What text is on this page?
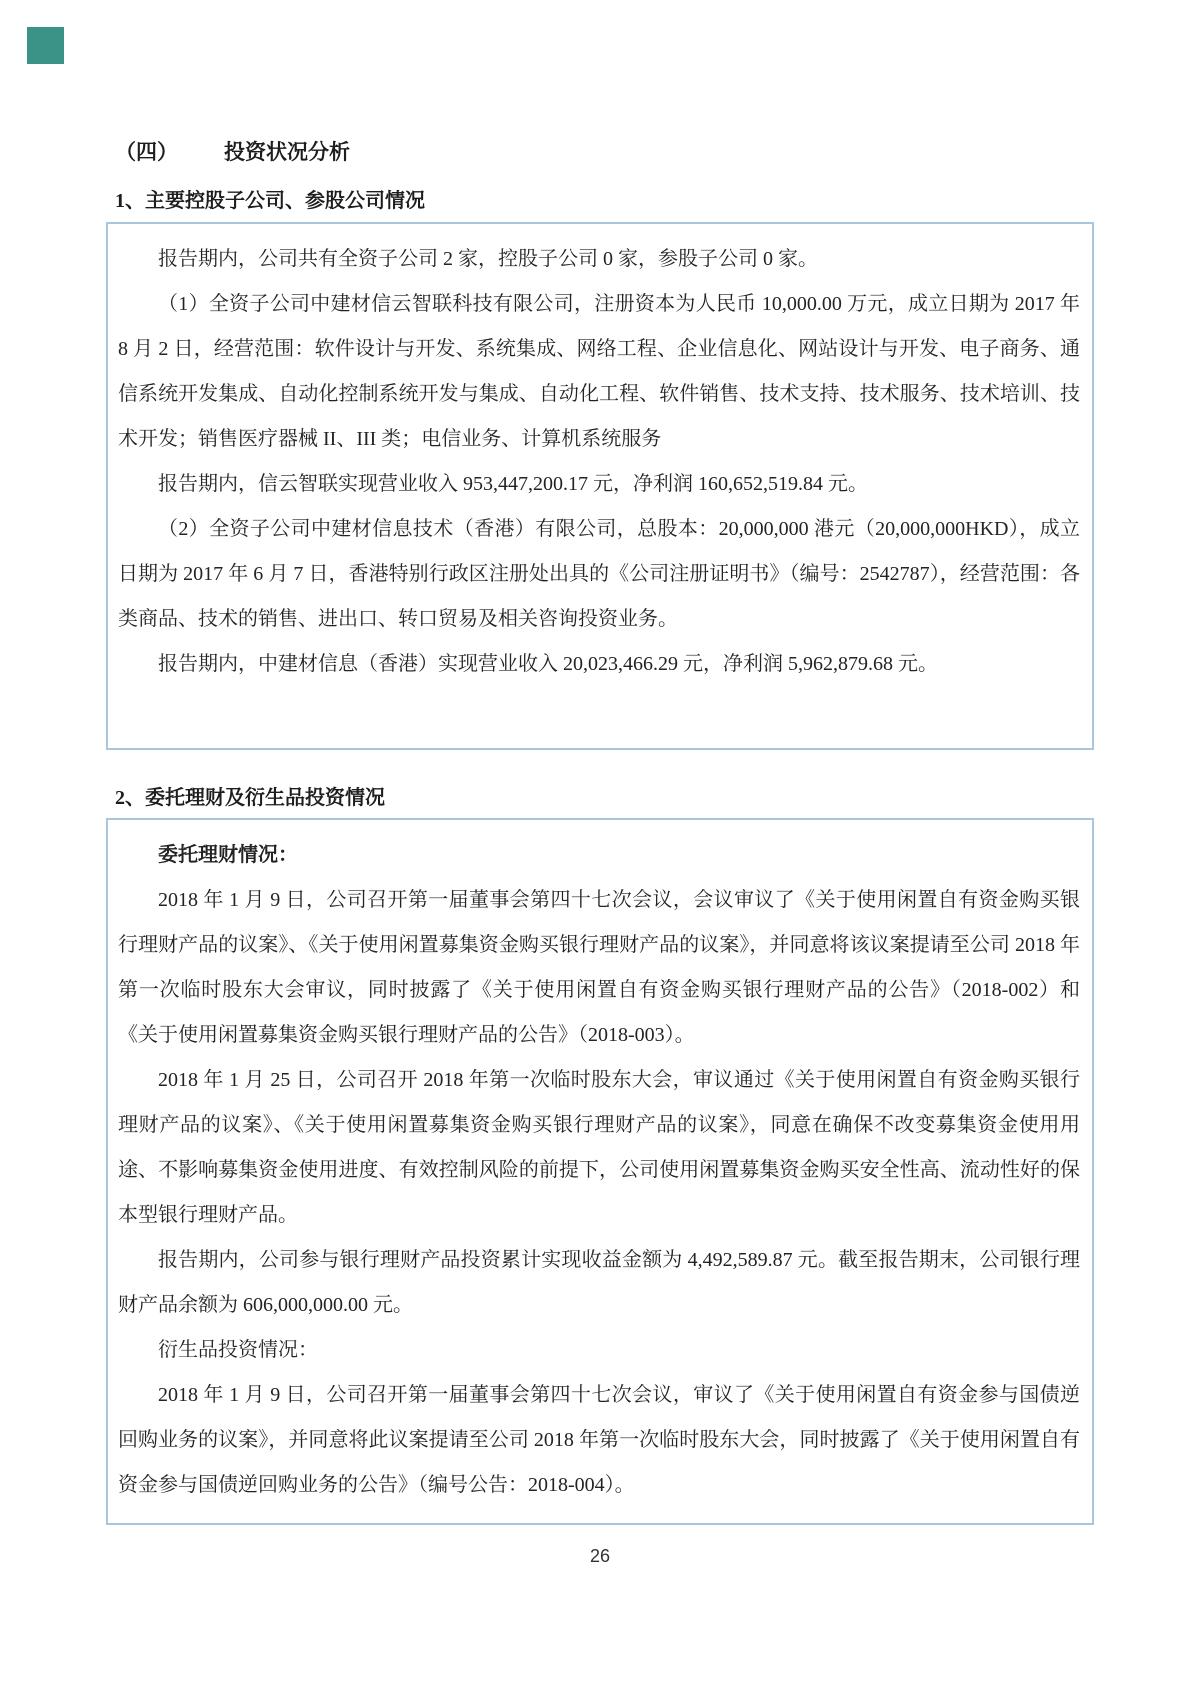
（四） 投资状况分析
1、主要控股子公司、参股公司情况

报告期内，公司共有全资子公司 2 家，控股子公司 0 家，参股子公司 0 家。

（1）全资子公司中建材信云智联科技有限公司，注册资本为人民币 10,000.00 万元，成立日期为 2017 年 8 月 2 日，经营范围：软件设计与开发、系统集成、网络工程、企业信息化、网站设计与开发、电子商务、通信系统开发集成、自动化控制系统开发与集成、自动化工程、软件销售、技术支持、技术服务、技术培训、技术开发；销售医疗器械 II、III 类；电信业务、计算机系统服务

报告期内，信云智联实现营业收入 953,447,200.17 元，净利润 160,652,519.84 元。

（2）全资子公司中建材信息技术（香港）有限公司，总股本：20,000,000 港元（20,000,000HKD），成立日期为 2017 年 6 月 7 日，香港特别行政区注册处出具的《公司注册证明书》（编号：2542787），经营范围：各类商品、技术的销售、进出口、转口贸易及相关咨询投资业务。

报告期内，中建材信息（香港）实现营业收入 20,023,466.29 元，净利润 5,962,879.68 元。

2、委托理财及衍生品投资情况

委托理财情况：

2018 年 1 月 9 日，公司召开第一届董事会第四十七次会议，会议审议了《关于使用闲置自有资金购买银行理财产品的议案》、《关于使用闲置募集资金购买银行理财产品的议案》，并同意将该议案提请至公司 2018 年第一次临时股东大会审议，同时披露了《关于使用闲置自有资金购买银行理财产品的公告》（2018-002）和《关于使用闲置募集资金购买银行理财产品的公告》（2018-003）。

2018 年 1 月 25 日，公司召开 2018 年第一次临时股东大会，审议通过《关于使用闲置自有资金购买银行理财产品的议案》、《关于使用闲置募集资金购买银行理财产品的议案》，同意在确保不改变募集资金使用用途、不影响募集资金使用进度、有效控制风险的前提下，公司使用闲置募集资金购买安全性高、流动性好的保本型银行理财产品。

报告期内，公司参与银行理财产品投资累计实现收益金额为 4,492,589.87 元。截至报告期末，公司银行理财产品余额为 606,000,000.00 元。

衍生品投资情况：

2018 年 1 月 9 日，公司召开第一届董事会第四十七次会议，审议了《关于使用闲置自有资金参与国债逆回购业务的议案》，并同意将此议案提请至公司 2018 年第一次临时股东大会，同时披露了《关于使用闲置自有资金参与国债逆回购业务的公告》（编号公告：2018-004）。

26
